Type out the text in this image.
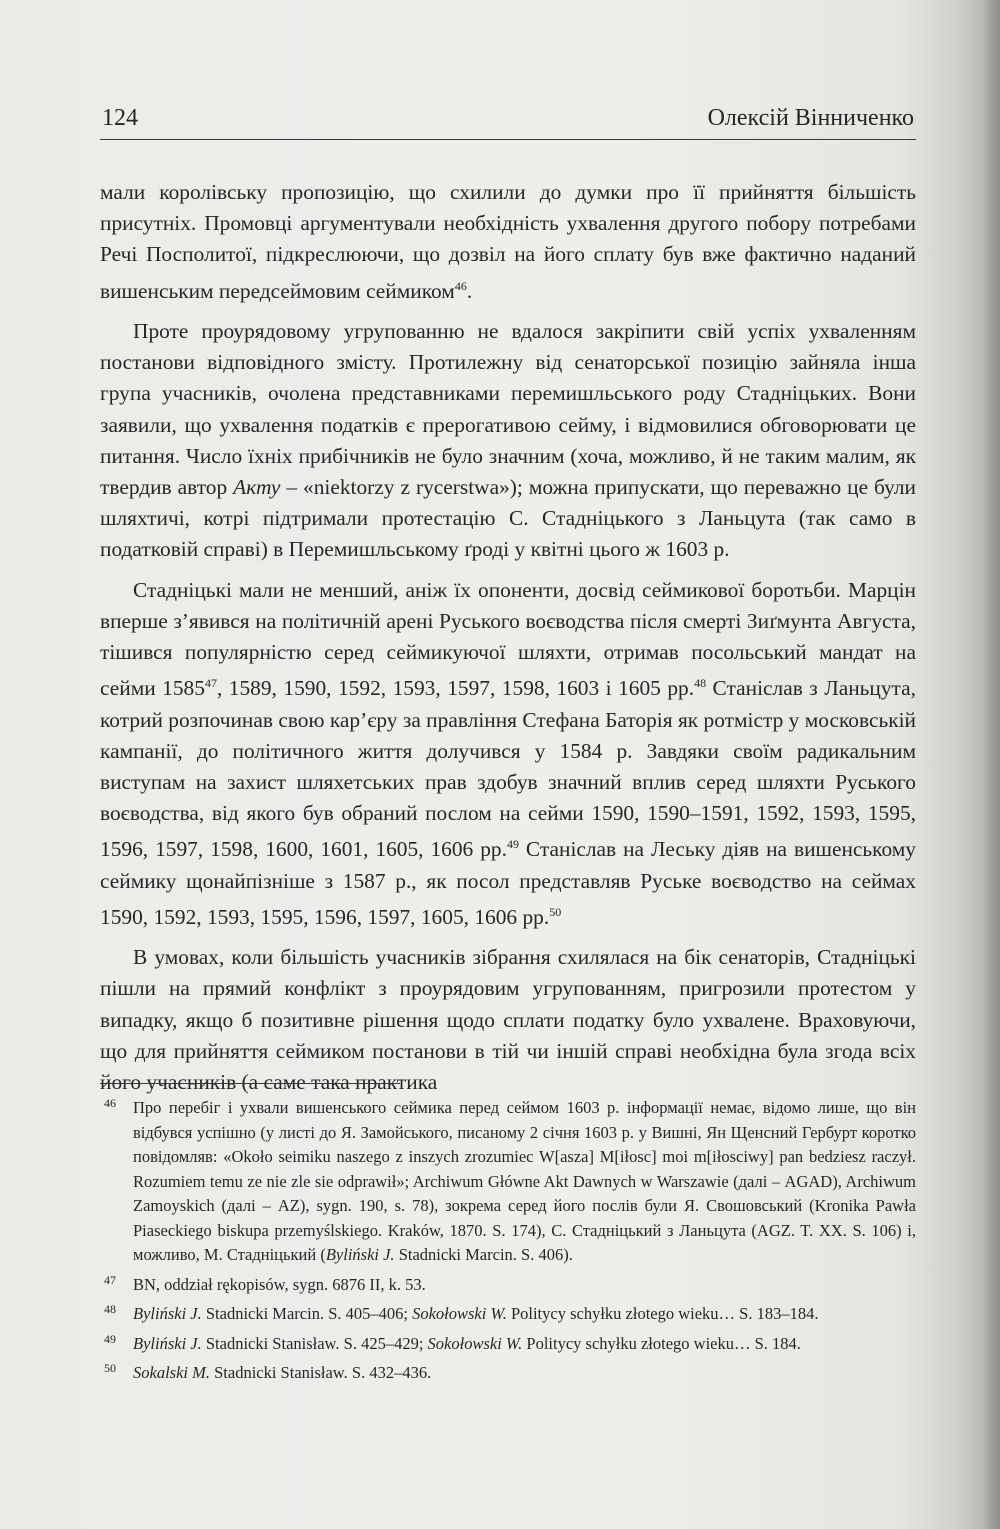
124	Олексій Вінниченко

мали королівську пропозицію, що схилили до думки про її прийняття більшість присутніх. Промовці аргументували необхідність ухвалення другого побору потребами Речі Посполитої, підкреслюючи, що дозвіл на його сплату був вже фактично наданий вишенським передсеймовим сеймиком$^{46}$.

Проте проурядовому угрупованню не вдалося закріпити свій успіх ухваленням постанови відповідного змісту. Протилежну від сенаторської позицію зайняла інша група учасників, очолена представниками перемишльського роду Стадніцьких. Вони заявили, що ухвалення податків є прерогативою сейму, і відмовилися обговорювати це питання. Число їхніх прибічників не було значним (хоча, можливо, й не таким малим, як твердив автор Акту – «niektorzy z rycerstwa»); можна припускати, що переважно це були шляхтичі, котрі підтримали протестацію С. Стадніцького з Ланьцута (так само в податковій справі) в Перемишльському ґроді у квітні цього ж 1603 р.

Стадніцькі мали не менший, аніж їх опоненти, досвід сеймикової боротьби. Марцін вперше з’явився на політичній арені Руського воєводства після смерті Зиґмунта Августа, тішився популярністю серед сеймикуючої шляхти, отримав посольський мандат на сейми 1585$^{47}$, 1589, 1590, 1592, 1593, 1597, 1598, 1603 і 1605 рр.$^{48}$ Станіслав з Ланьцута, котрий розпочинав свою кар’єру за правління Стефана Баторія як ротмістр у московській кампанії, до політичного життя долучився у 1584 р. Завдяки своїм радикальним виступам на захист шляхетських прав здобув значний вплив серед шляхти Руського воєводства, від якого був обраний послом на сейми 1590, 1590–1591, 1592, 1593, 1595, 1596, 1597, 1598, 1600, 1601, 1605, 1606 рр.$^{49}$ Станіслав на Леську діяв на вишенському сеймику щонайпізніше з 1587 р., як посол представляв Руське воєводство на сеймах 1590, 1592, 1593, 1595, 1596, 1597, 1605, 1606 рр.$^{50}$

В умовах, коли більшість учасників зібрання схилялася на бік сенаторів, Стадніцькі пішли на прямий конфлікт з проурядовим угрупованням, пригрозили протестом у випадку, якщо б позитивне рішення щодо сплати податку було ухвалене. Враховуючи, що для прийняття сеймиком постанови в тій чи іншій справі необхідна була згода всіх його учасників (а саме така практика

46 Про перебіг і ухвали вишенського сеймика перед сеймом 1603 р. інформації немає, відомо лише, що він відбувся успішно (у листі до Я. Замойського, писаному 2 січня 1603 р. у Вишні, Ян Щенсний Гербурт коротко повідомляв: «Około seimiku naszego z inszych zrozumiec W[asza] M[iłosc] moi m[iłosciwy] pan bedziesz raczył. Rozumiem temu ze nie zle sie odprawił»; Archiwum Główne Akt Dawnych w Warszawie (далі – AGAD), Archiwum Zamoyskich (далі – AZ), sygn. 190, s. 78), зокрема серед його послів були Я. Свошовський (Kronika Pawła Piaseckiego biskupa przemyślskiego. Kraków, 1870. S. 174), С. Стадніцький з Ланьцута (AGZ. T. XX. S. 106) і, можливо, М. Стадніцький (Byliński J. Stadnicki Marcin. S. 406).
47 BN, oddział rękopisów, sygn. 6876 II, k. 53.
48 Byliński J. Stadnicki Marcin. S. 405–406; Sokołowski W. Politycy schyłku złotego wieku… S. 183–184.
49 Byliński J. Stadnicki Stanisław. S. 425–429; Sokołowski W. Politycy schyłku złotego wieku… S. 184.
50 Sokalski M. Stadnicki Stanisław. S. 432–436.
